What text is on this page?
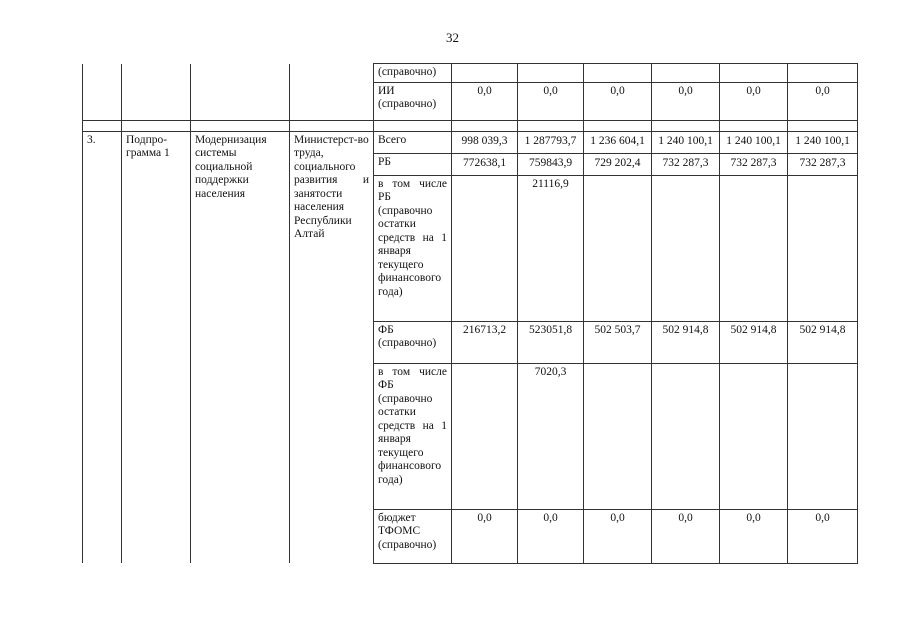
32
				(справочно)						
				ИИ (справочно)	0,0	0,0	0,0	0,0	0,0	0,0

3.	Подпро-грамма 1	Модернизация системы социальной поддержки населения	Министерст-во труда, социального развития и занятости населения Республики Алтай	Всего	998 039,3	1 287793,7	1 236 604,1	1 240 100,1	1 240 100,1	1 240 100,1
				РБ	772638,1	759843,9	729 202,4	732 287,3	732 287,3	732 287,3
				в том числе РБ (справочно остатки средств на 1 января текущего финансового года)		21116,9				
				ФБ (справочно)	216713,2	523051,8	502 503,7	502 914,8	502 914,8	502 914,8
				в том числе ФБ (справочно остатки средств на 1 января текущего финансового года)		7020,3				
				бюджет ТФОМС (справочно)	0,0	0,0	0,0	0,0	0,0	0,0
